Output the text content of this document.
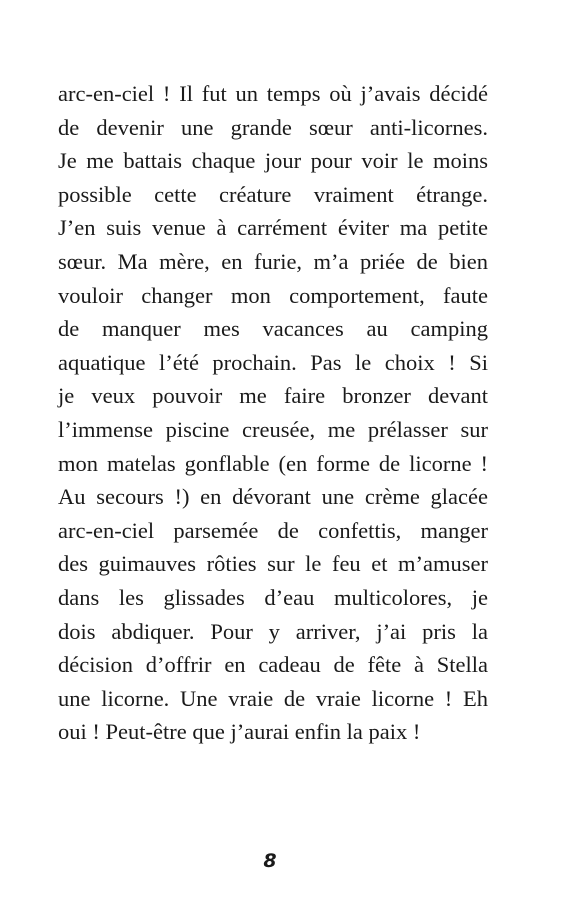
arc-en-ciel ! Il fut un temps où j’avais décidé
de devenir une grande sœur anti-licornes.
Je me battais chaque jour pour voir le moins
possible cette créature vraiment étrange.
J’en suis venue à carrément éviter ma petite
sœur. Ma mère, en furie, m’a priée de bien
vouloir changer mon comportement, faute
de manquer mes vacances au camping
aquatique l’été prochain. Pas le choix ! Si
je veux pouvoir me faire bronzer devant
l’immense piscine creusée, me prélasser sur
mon matelas gonflable (en forme de licorne !
Au secours !) en dévorant une crème glacée
arc-en-ciel parsemée de confettis, manger
des guimauves rôties sur le feu et m’amuser
dans les glissades d’eau multicolores, je
dois abdiquer. Pour y arriver, j’ai pris la
décision d’offrir en cadeau de fête à Stella
une licorne. Une vraie de vraie licorne ! Eh
oui ! Peut-être que j’aurai enfin la paix !
8
